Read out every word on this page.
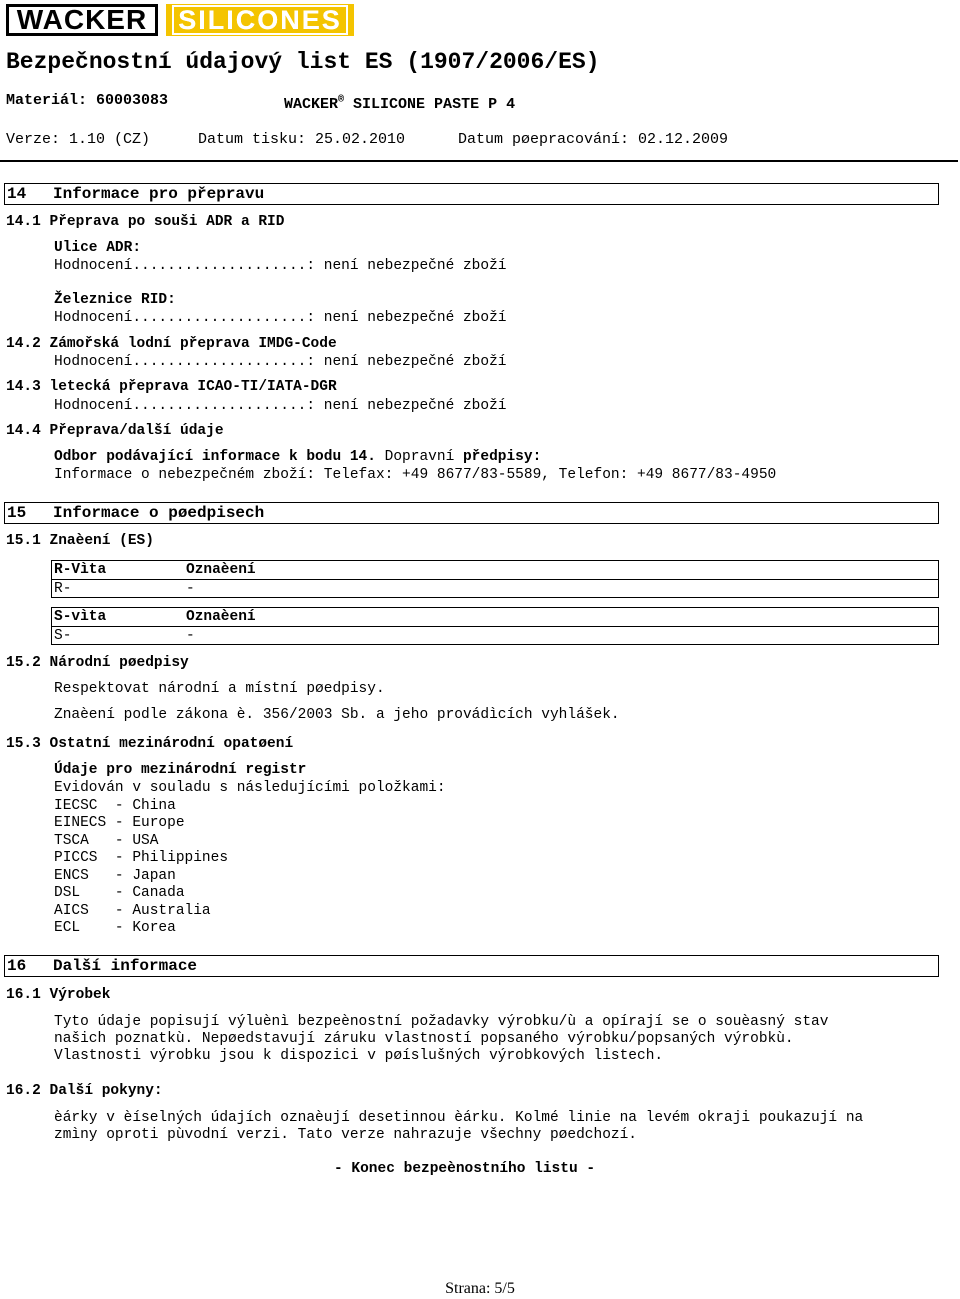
WACKER	SILICONES
Bezpečnostní údajový list ES (1907/2006/ES)
Materiál: 60003083	WACKER® SILICONE PASTE P 4
Verze: 1.10 (CZ)	Datum tisku: 25.02.2010	Datum pøepracování: 02.12.2009
14 Informace pro přepravu
14.1 Přeprava po souši ADR a RID
Ulice ADR:
Hodnocení....................: není nebezpečné zboží
Železnice RID:
Hodnocení....................: není nebezpečné zboží
14.2 Zámořská lodní přeprava IMDG-Code
Hodnocení....................: není nebezpečné zboží
14.3 letecká přeprava ICAO-TI/IATA-DGR
Hodnocení....................: není nebezpečné zboží
14.4 Přeprava/další údaje
Odbor podávající informace k bodu 14. Dopravní předpisy:
Informace o nebezpečném zboží: Telefax: +49 8677/83-5589, Telefon: +49 8677/83-4950
15 Informace o pøedpisech
15.1 Znaèení (ES)
R-Vìta	Oznaèení
R-	-
S-vìta	Oznaèení
S-	-
15.2 Národní pøedpisy
Respektovat národní a místní pøedpisy.
Znaèení podle zákona è. 356/2003 Sb. a jeho provádìcích vyhlášek.
15.3 Ostatní mezinárodní opatøení
Údaje pro mezinárodní registr
Evidován v souladu s následujícími položkami:
IECSC  - China
EINECS - Europe
TSCA   - USA
PICCS  - Philippines
ENCS   - Japan
DSL    - Canada
AICS   - Australia
ECL    - Korea
16 Další informace
16.1 Výrobek
Tyto údaje popisují výluènì bezpeènostní požadavky výrobku/ù a opírají se o souèasný stav
našich poznatkù. Nepøedstavují záruku vlastností popsaného výrobku/popsaných výrobkù.
Vlastnosti výrobku jsou k dispozici v pøíslušných výrobkových listech.
16.2 Další pokyny:
èárky v èíselných údajích oznaèují desetinnou èárku. Kolmé linie na levém okraji poukazují na
zmìny oproti pùvodní verzi. Tato verze nahrazuje všechny pøedchozí.
- Konec bezpeènostního listu -
Strana: 5/5
